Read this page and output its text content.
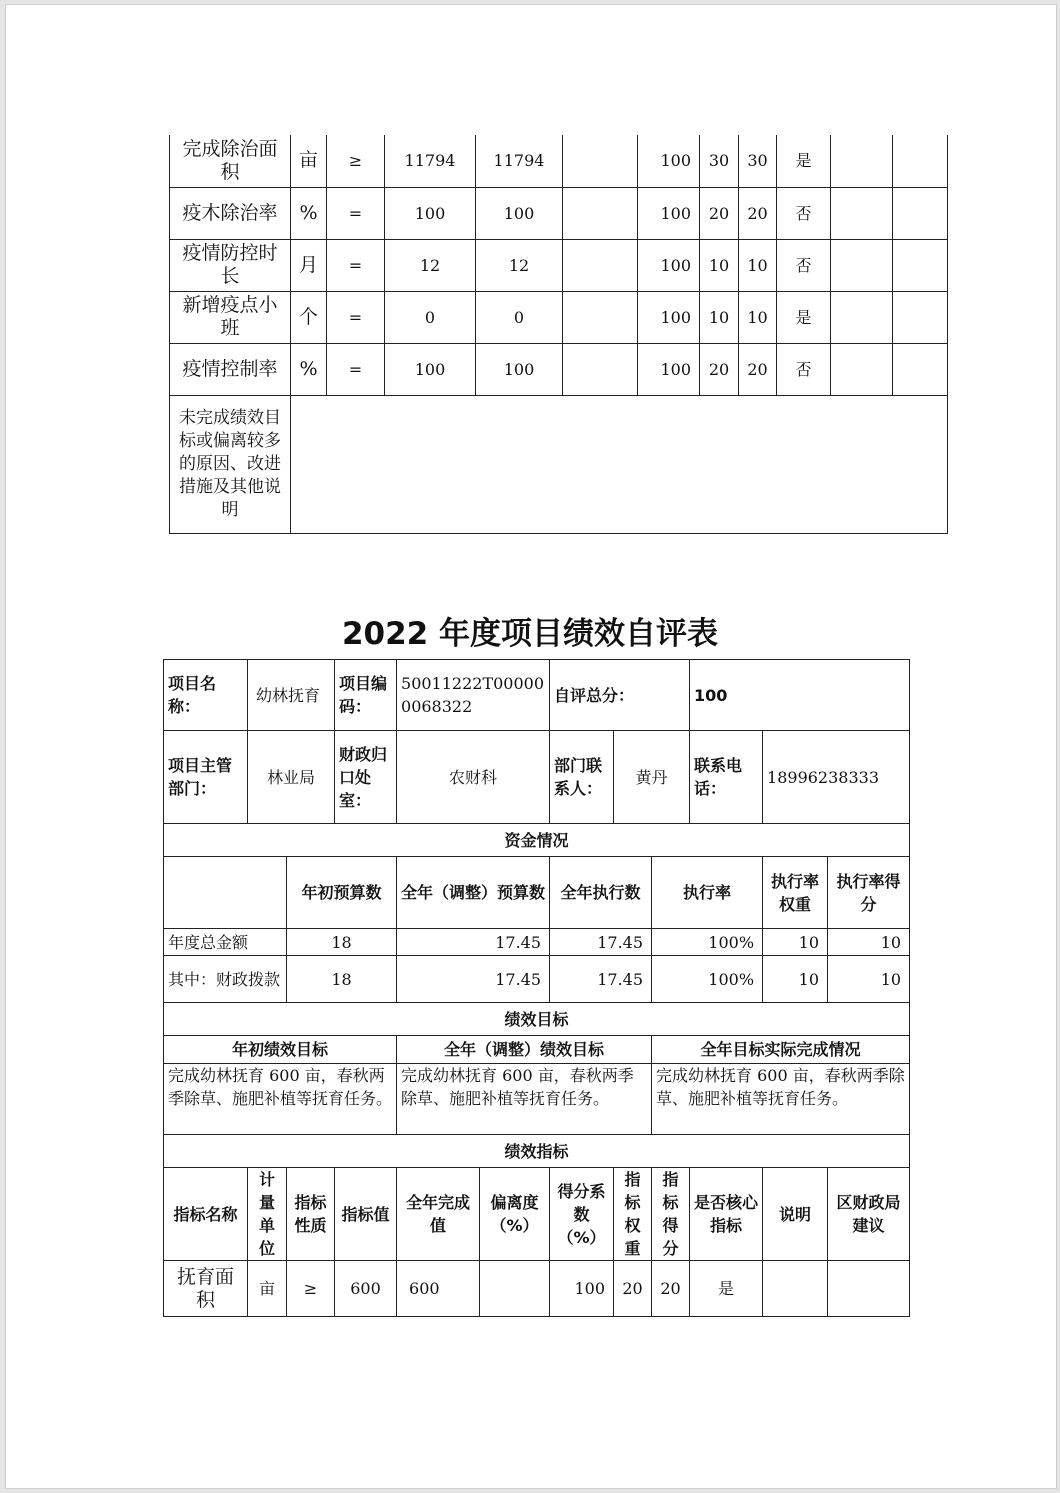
完成除治面积	亩	≥	11794	11794		100	30	30	是		
疫木除治率	%	=	100	100		100	20	20	否		
疫情防控时长	月	=	12	12		100	10	10	否		
新增疫点小班	个	=	0	0		100	10	10	是		
疫情控制率	%	=	100	100		100	20	20	否		
未完成绩效目标或偏离较多的原因、改进措施及其他说明											
2022 年度项目绩效自评表
项目名称：	幼林抚育		项目编码：	50011222T000000068322		自评总分：			100		
项目主管部门：	林业局		财政归口处室：	农财科		部门联系人：	黄丹		联系电话：	18996238333	
资金情况											
		年初预算数		全年（调整）预算数		全年执行数		执行率		执行率权重	执行率得分
年度总金额		18		17.45		17.45		100%		10	10
其中：财政拨款		18		17.45		17.45		100%		10	10
绩效目标											
年初绩效目标				全年（调整）绩效目标				全年目标实际完成情况			
完成幼林抚育 600 亩，春秋两季除草、施肥补植等抚育任务。				完成幼林抚育 600 亩，春秋两季除草、施肥补植等抚育任务。				完成幼林抚育 600 亩，春秋两季除草、施肥补植等抚育任务。			
绩效指标											
指标名称	计量单位	指标性质	指标值	全年完成值	偏离度（%）	得分系数（%）	指标权重	指标得分	是否核心指标	说明	区财政局建议
抚育面积	亩	≥	600	600		100	20	20	是		
